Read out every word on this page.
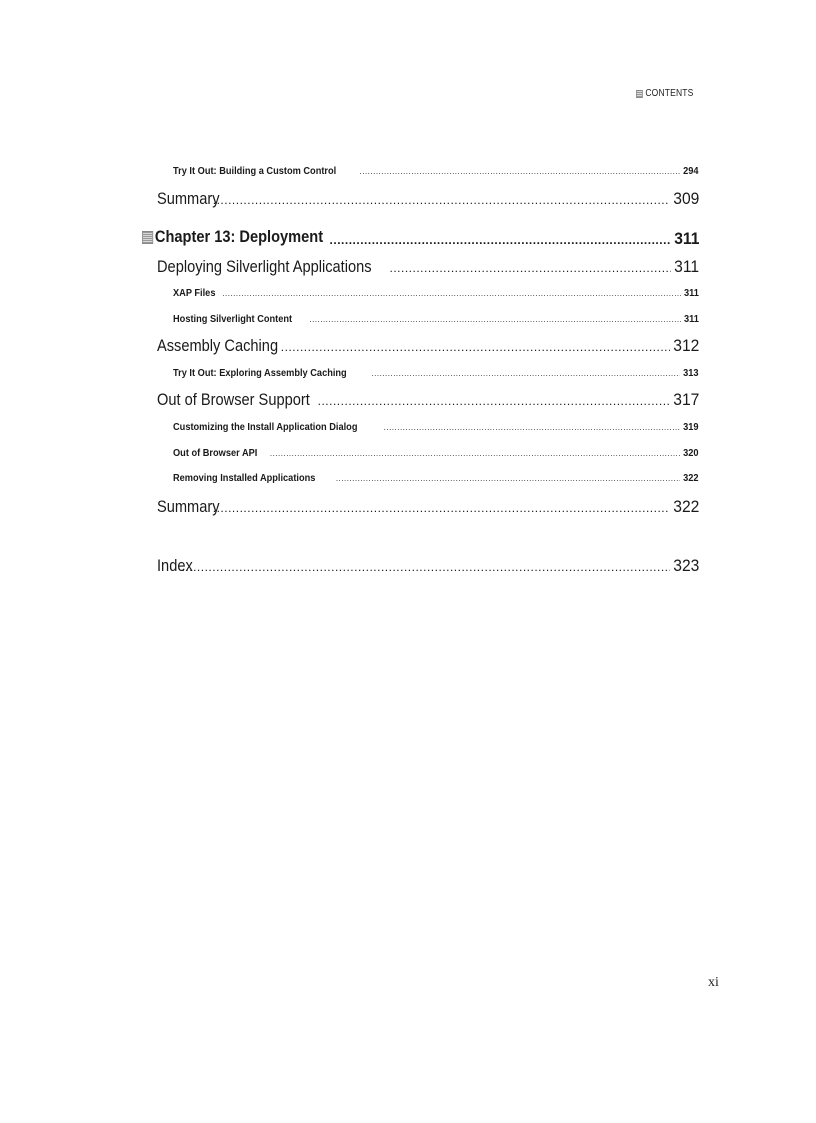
CONTENTS
Try It Out: Building a Custom Control .....	294
Summary .....	309
Chapter 13: Deployment .....	311
Deploying Silverlight Applications .....	311
XAP Files .....	311
Hosting Silverlight Content .....	311
Assembly Caching .....	312
Try It Out: Exploring Assembly Caching .....	313
Out of Browser Support .....	317
Customizing the Install Application Dialog .....	319
Out of Browser API .....	320
Removing Installed Applications .....	322
Summary .....	322
Index .....	323
xi
